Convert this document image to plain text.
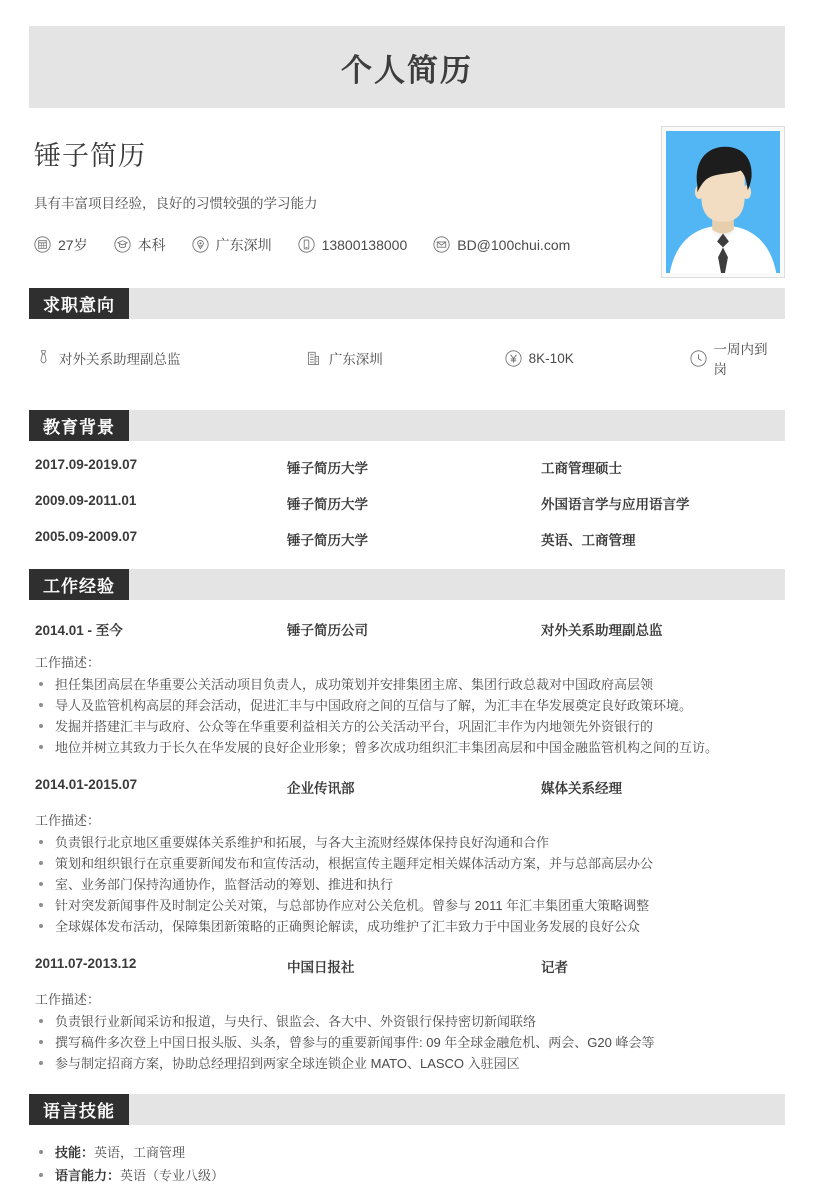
个人简历
锤子简历
具有丰富项目经验，良好的习惯较强的学习能力
27岁	本科	广东深圳	13800138000	BD@100chui.com
求职意向
对外关系助理副总监	广东深圳	8K-10K
一周内到岗
教育背景
2017.09-2019.07	锤子简历大学	工商管理硕士
2009.09-2011.01	锤子简历大学	外国语言学与应用语言学
2005.09-2009.07	锤子简历大学	英语、工商管理
工作经验
2014.01 - 至今	锤子简历公司	对外关系助理副总监
工作描述：
担任集团高层在华重要公关活动项目负责人，成功策划并安排集团主席、集团行政总裁对中国政府高层领
导人及监管机构高层的拜会活动，促进汇丰与中国政府之间的互信与了解，为汇丰在华发展奠定良好政策环境。
发掘并搭建汇丰与政府、公众等在华重要利益相关方的公关活动平台，巩固汇丰作为内地领先外资银行的
地位并树立其致力于长久在华发展的良好企业形象；曾多次成功组织汇丰集团高层和中国金融监管机构之间的互访。
2014.01-2015.07	企业传讯部	媒体关系经理
工作描述：
负责银行北京地区重要媒体关系维护和拓展，与各大主流财经媒体保持良好沟通和合作
策划和组织银行在京重要新闻发布和宣传活动，根据宣传主题拜定相关媒体活动方案，并与总部高层办公
室、业务部门保持沟通协作，监督活动的筹划、推进和执行
针对突发新闻事件及时制定公关对策，与总部协作应对公关危机。曾参与 2011 年汇丰集团重大策略调整
全球媒体发布活动，保障集团新策略的正确舆论解读，成功维护了汇丰致力于中国业务发展的良好公众
2011.07-2013.12	中国日报社	记者
工作描述：
负责银行业新闻采访和报道，与央行、银监会、各大中、外资银行保持密切新闻联络
撰写稿件多次登上中国日报头版、头条，曾参与的重要新闻事件: 09 年全球金融危机、两会、G20 峰会等
参与制定招商方案，协助总经理招到两家全球连锁企业 MATO、LASCO 入驻园区
语言技能
技能：英语，工商管理
语言能力：英语（专业八级）
